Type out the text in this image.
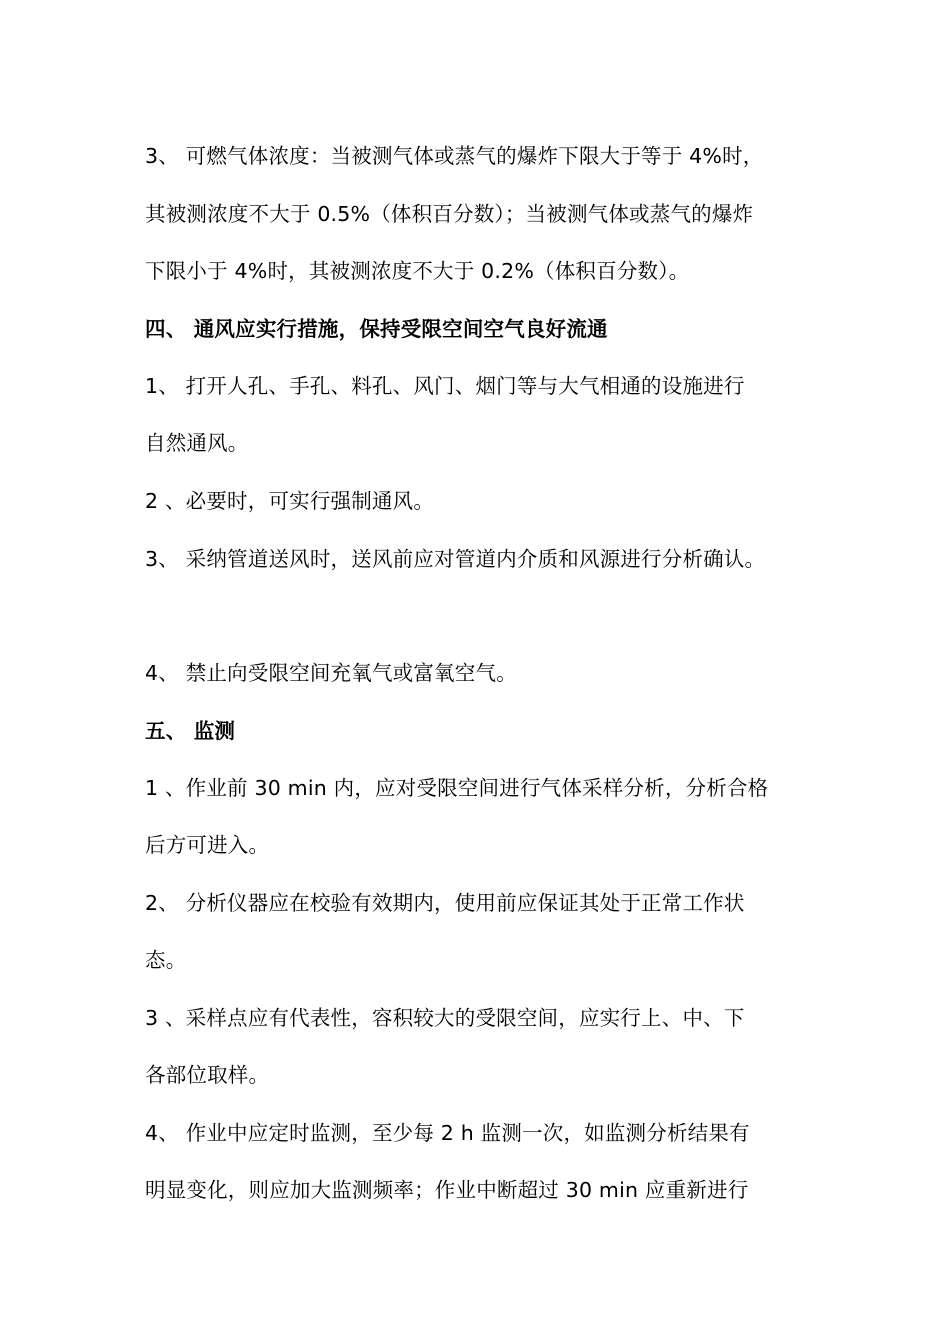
3、 可燃气体浓度：当被测气体或蒸气的爆炸下限大于等于 4%时，
其被测浓度不大于 0.5%（体积百分数）；当被测气体或蒸气的爆炸
下限小于 4%时，其被测浓度不大于 0.2%（体积百分数）。
四、 通风应实行措施，保持受限空间空气良好流通
1、 打开人孔、手孔、料孔、风门、烟门等与大气相通的设施进行
自然通风。
2 、必要时，可实行强制通风。
3、 采纳管道送风时，送风前应对管道内介质和风源进行分析确认。
4、 禁止向受限空间充氧气或富氧空气。
五、 监测
1 、作业前 30 min 内，应对受限空间进行气体采样分析，分析合格
后方可进入。
2、 分析仪器应在校验有效期内，使用前应保证其处于正常工作状
态。
3 、采样点应有代表性，容积较大的受限空间，应实行上、中、下
各部位取样。
4、 作业中应定时监测，至少每 2 h 监测一次，如监测分析结果有
明显变化，则应加大监测频率；作业中断超过 30 min 应重新进行
